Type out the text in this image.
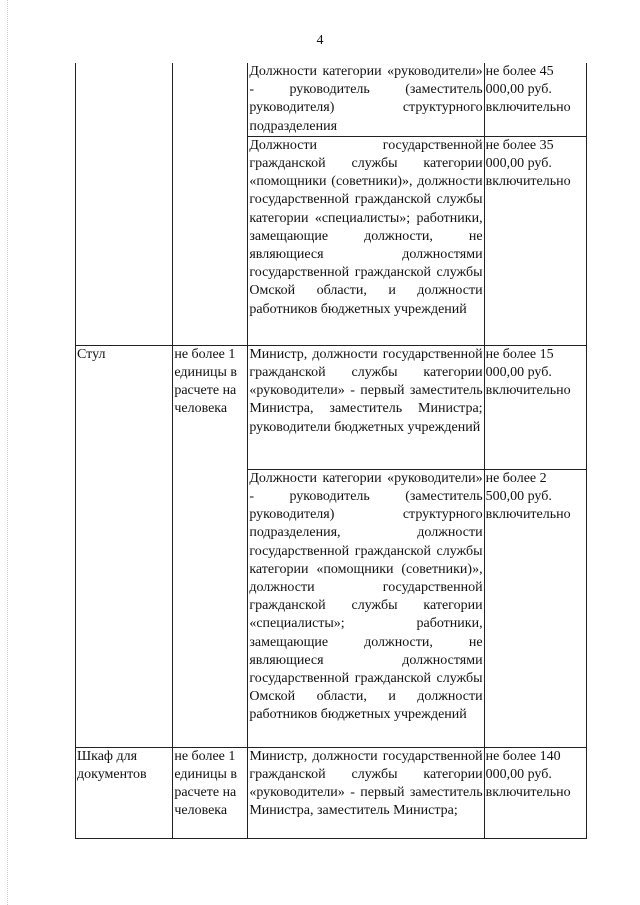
4
		Должности категории «руководители» - руководитель (заместитель руководителя) структурного подразделения	не более 45 000,00 руб. включительно
		Должности государственной гражданской службы категории «помощники (советники)», должности государственной гражданской службы категории «специалисты»; работники, замещающие должности, не являющиеся должностями государственной гражданской службы Омской области, и должности работников бюджетных учреждений	не более 35 000,00 руб. включительно
Стул	не более 1 единицы в расчете на человека	Министр, должности государственной гражданской службы категории «руководители» - первый заместитель Министра, заместитель Министра; руководители бюджетных учреждений	не более 15 000,00 руб. включительно
		Должности категории «руководители» - руководитель (заместитель руководителя) структурного подразделения, должности государственной гражданской службы категории «помощники (советники)», должности государственной гражданской службы категории «специалисты»; работники, замещающие должности, не являющиеся должностями государственной гражданской службы Омской области, и должности работников бюджетных учреждений	не более 2 500,00 руб. включительно
Шкаф для документов	не более 1 единицы в расчете на человека	Министр, должности государственной гражданской службы категории «руководители» - первый заместитель Министра, заместитель Министра;	не более 140 000,00 руб. включительно
